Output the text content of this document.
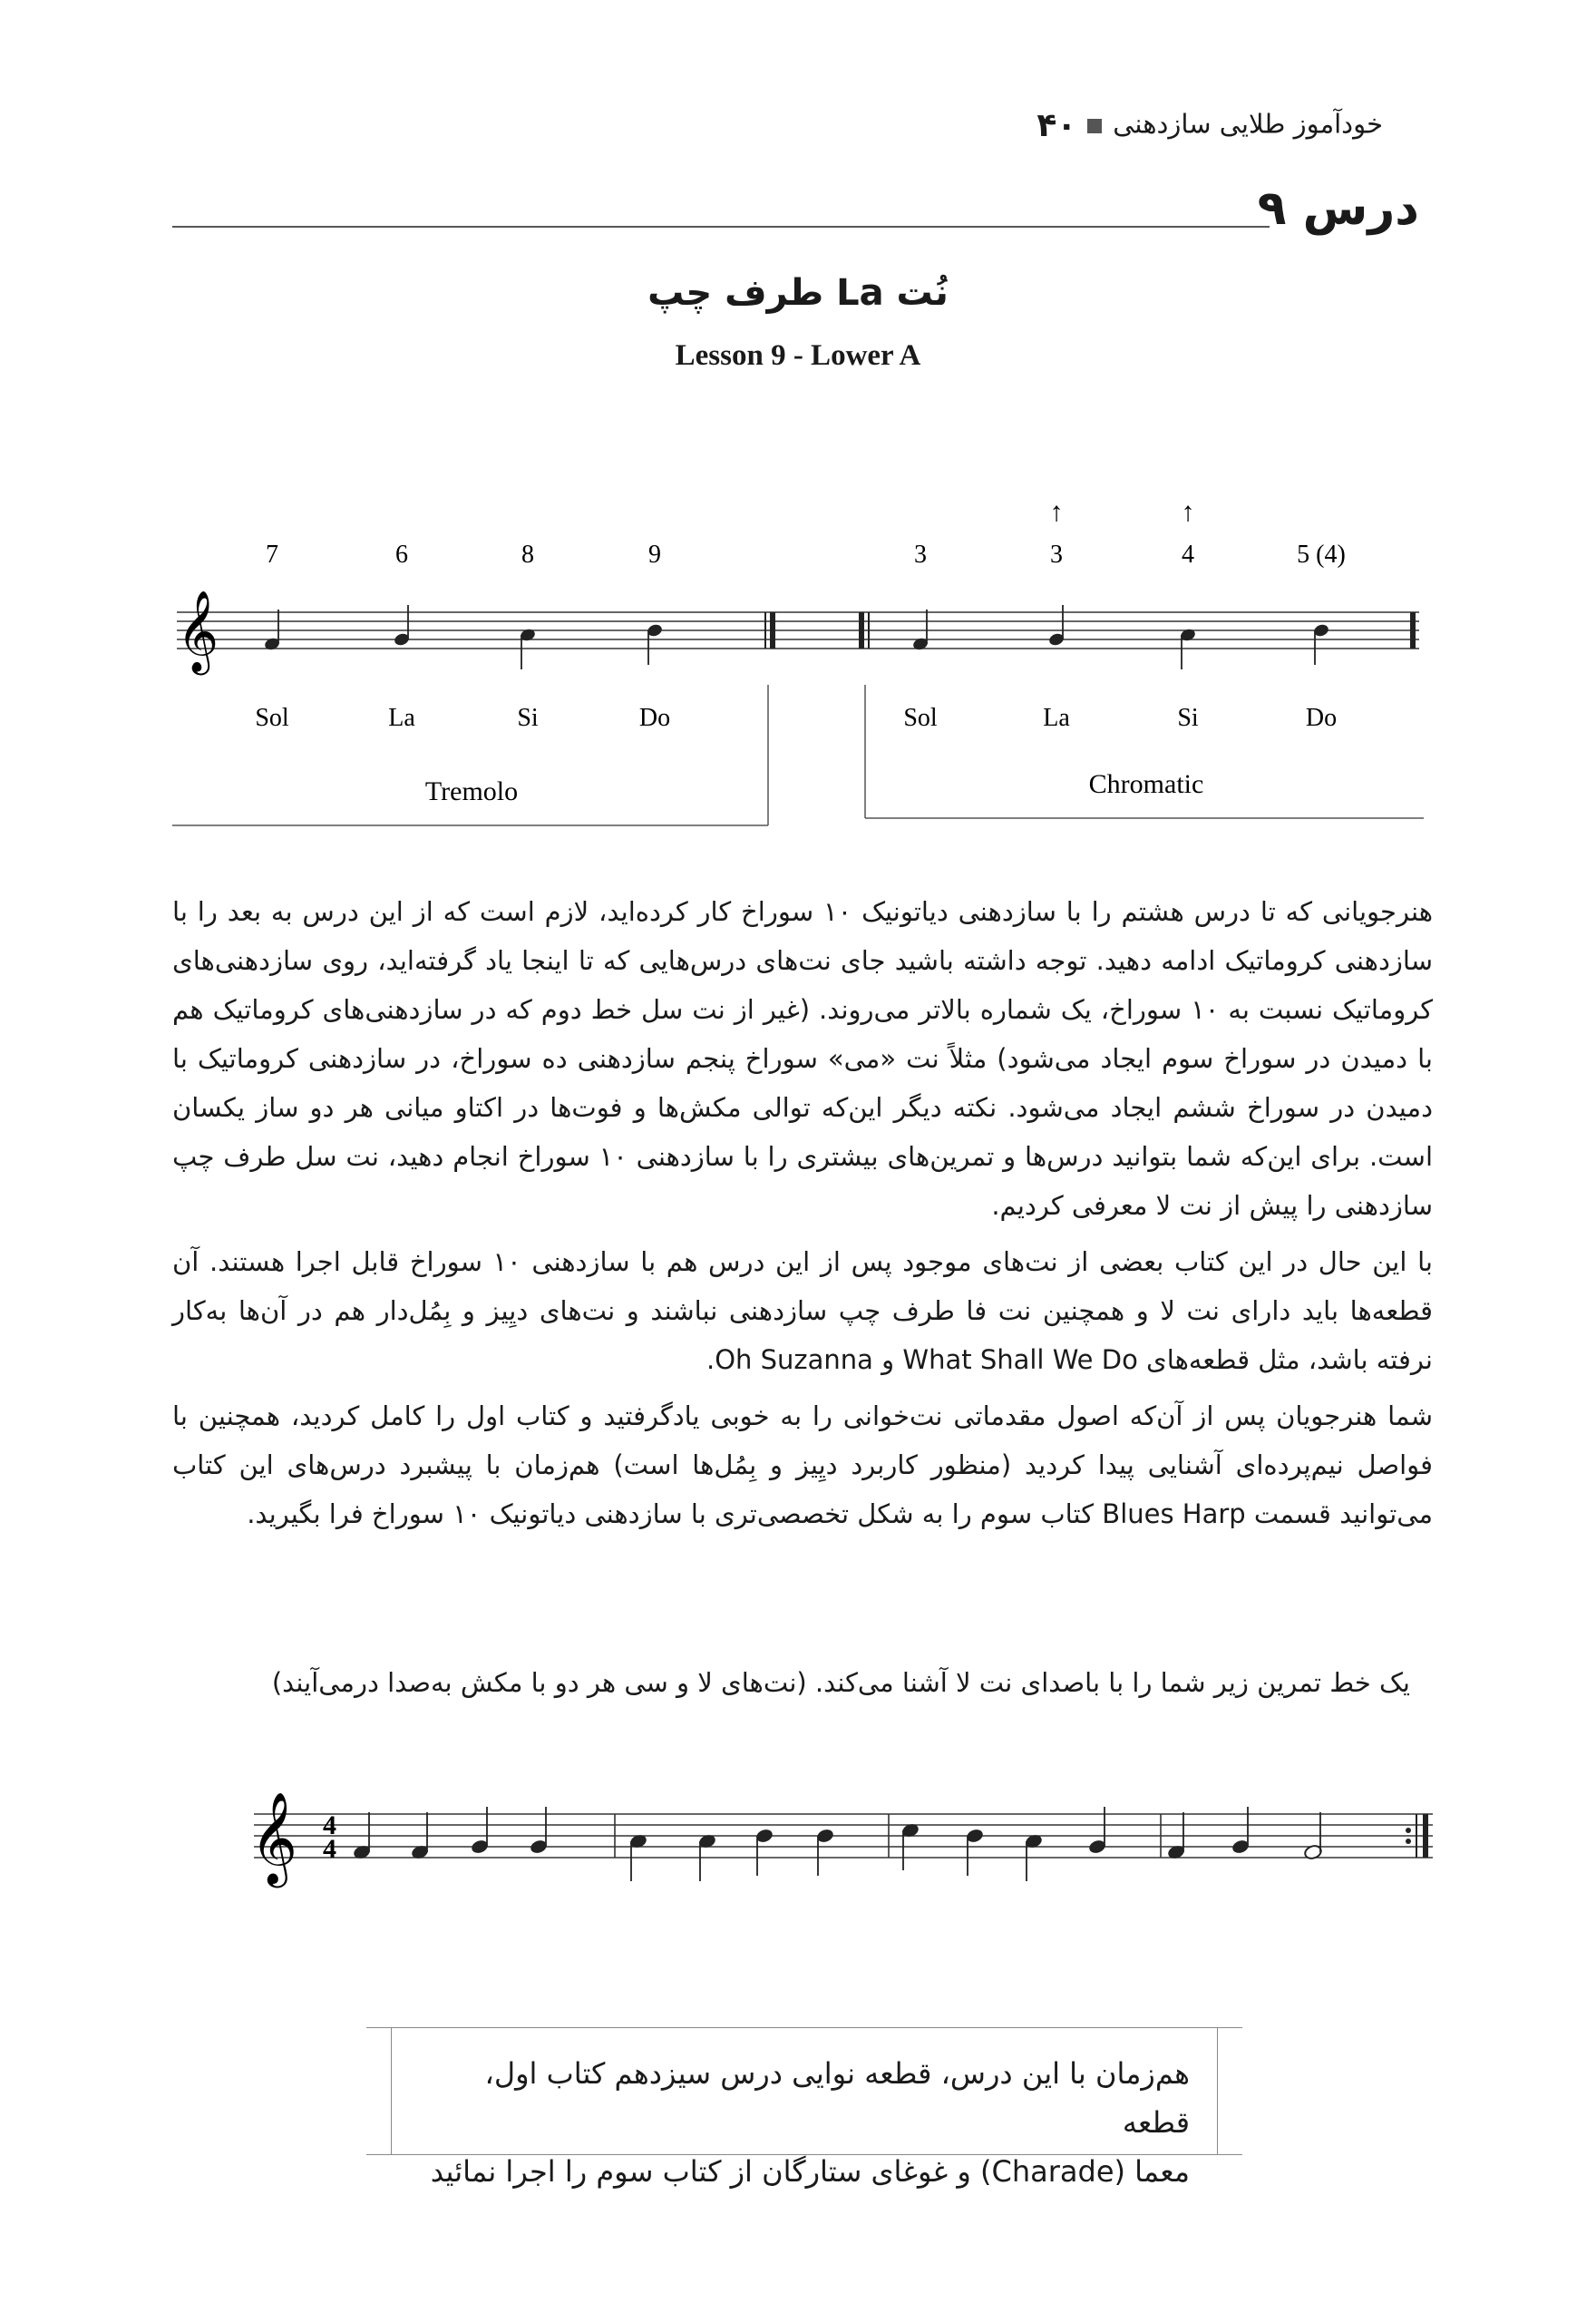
خودآموز طلایی سازدهنی۴۰
درس ۹
نُت La طرف چپ
Lesson 9 - Lower A
𝄞
7
Sol
6
La
8
Si
9
Do
3
Sol
3
↑
La
4
↑
Si
5 (4)
Do
Tremolo	Chromatic

هنرجویانی که تا درس هشتم را با سازدهنی دیاتونیک ۱۰ سوراخ کار کرده‌اید، لازم است که از این درس به بعد را با سازدهنی کروماتیک ادامه دهید. توجه داشته باشید جای نت‌های درس‌هایی که تا اینجا یاد گرفته‌اید، روی سازدهنی‌های کروماتیک نسبت به ۱۰ سوراخ، یک شماره بالاتر می‌روند. (غیر از نت سل خط دوم که در سازدهنی‌های کروماتیک هم با دمیدن در سوراخ سوم ایجاد می‌شود) مثلاً نت «می» سوراخ پنجم سازدهنی ده سوراخ، در سازدهنی کروماتیک با دمیدن در سوراخ ششم ایجاد می‌شود. نکته دیگر این‌که توالی مکش‌ها و فوت‌ها در اکتاو میانی هر دو ساز یکسان است. برای این‌که شما بتوانید درس‌ها و تمرین‌های بیشتری را با سازدهنی ۱۰ سوراخ انجام دهید، نت سل طرف چپ سازدهنی را پیش از نت لا معرفی کردیم.

با این حال در این کتاب بعضی از نت‌های موجود پس از این درس هم با سازدهنی ۱۰ سوراخ قابل اجرا هستند. آن قطعه‌ها باید دارای نت لا و همچنین نت فا طرف چپ سازدهنی نباشند و نت‌های دیِیز و بِمُل‌دار هم در آن‌ها به‌کار نرفته باشد، مثل قطعه‌های What Shall We Do و Oh Suzanna.

شما هنرجویان پس از آن‌که اصول مقدماتی نت‌خوانی را به خوبی یادگرفتید و کتاب اول را کامل کردید، همچنین با فواصل نیم‌پرده‌ای آشنایی پیدا کردید (منظور کاربرد دیِیز و بِمُل‌ها است) هم‌زمان با پیشبرد درس‌های این کتاب می‌توانید قسمت Blues Harp کتاب سوم را به شکل تخصصی‌تری با سازدهنی دیاتونیک ۱۰ سوراخ فرا بگیرید.

یک خط تمرین زیر شما را با باصدای نت لا آشنا می‌کند. (نت‌های لا و سی هر دو با مکش به‌صدا درمی‌آیند)
𝄞 4
4
هم‌زمان با این درس، قطعه نوایی درس سیزدهم کتاب اول، قطعه
معما (Charade) و غوغای ستارگان از کتاب سوم را اجرا نمائید
